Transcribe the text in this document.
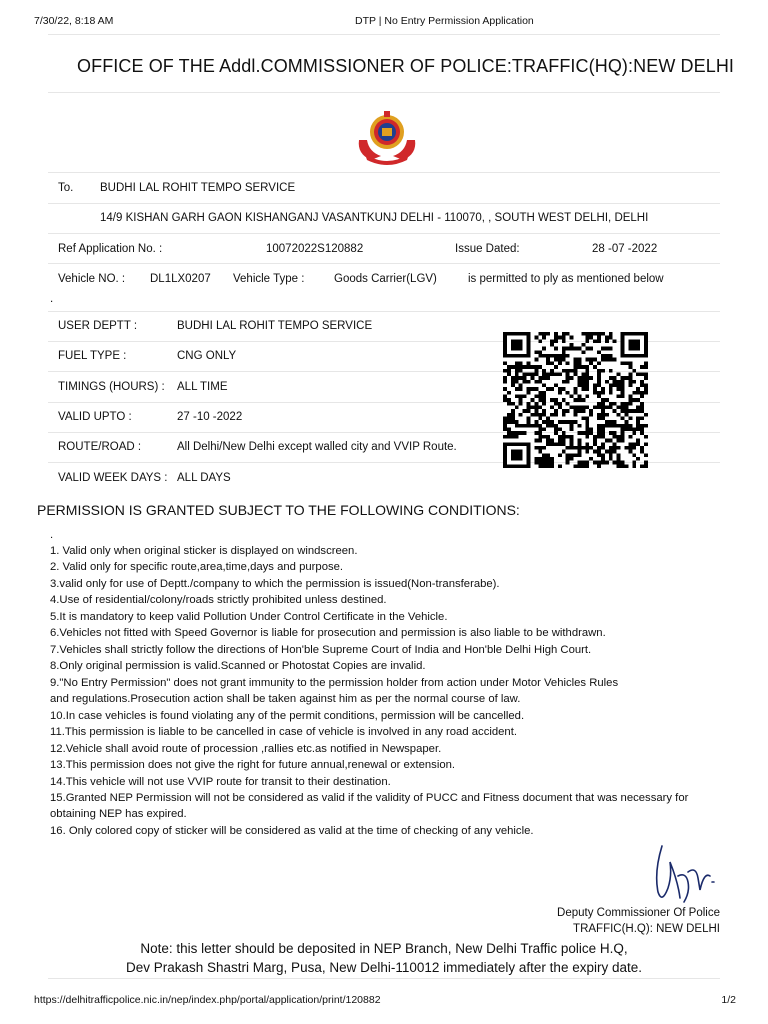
7/30/22, 8:18 AM	DTP | No Entry Permission Application
OFFICE OF THE Addl.COMMISSIONER OF POLICE:TRAFFIC(HQ):NEW DELHI
To. BUDHI LAL ROHIT TEMPO SERVICE
14/9 KISHAN GARH GAON KISHANGANJ VASANTKUNJ DELHI - 110070, , SOUTH WEST DELHI, DELHI
Ref Application No. :	10072022S120882	Issue Dated:	28 -07 -2022
Vehicle NO. : DL1LX0207 Vehicle Type :	Goods Carrier(LGV)	is permitted to ply as mentioned below
.
USER DEPTT :	BUDHI LAL ROHIT TEMPO SERVICE
FUEL TYPE :	CNG ONLY
TIMINGS (HOURS) : ALL TIME
VALID UPTO :	27 -10 -2022
ROUTE/ROAD :	All Delhi/New Delhi except walled city and VVIP Route.
VALID WEEK DAYS : ALL DAYS
PERMISSION IS GRANTED SUBJECT TO THE FOLLOWING CONDITIONS:
.
1. Valid only when original sticker is displayed on windscreen.
2. Valid only for specific route,area,time,days and purpose.
3.valid only for use of Deptt./company to which the permission is issued(Non-transferabe).
4.Use of residential/colony/roads strictly prohibited unless destined.
5.It is mandatory to keep valid Pollution Under Control Certificate in the Vehicle.
6.Vehicles not fitted with Speed Governor is liable for prosecution and permission is also liable to be withdrawn.
7.Vehicles shall strictly follow the directions of Hon'ble Supreme Court of India and Hon'ble Delhi High Court.
8.Only original permission is valid.Scanned or Photostat Copies are invalid.
9."No Entry Permission" does not grant immunity to the permission holder from action under Motor Vehicles Rules
and regulations.Prosecution action shall be taken against him as per the normal course of law.
10.In case vehicles is found violating any of the permit conditions, permission will be cancelled.
11.This permission is liable to be cancelled in case of vehicle is involved in any road accident.
12.Vehicle shall avoid route of procession ,rallies etc.as notified in Newspaper.
13.This permission does not give the right for future annual,renewal or extension.
14.This vehicle will not use VVIP route for transit to their destination.
15.Granted NEP Permission will not be considered as valid if the validity of PUCC and Fitness document that was necessary for
obtaining NEP has expired.
16. Only colored copy of sticker will be considered as valid at the time of checking of any vehicle.
Deputy Commissioner Of Police
TRAFFIC(H.Q): NEW DELHI
Note: this letter should be deposited in NEP Branch, New Delhi Traffic police H.Q,
Dev Prakash Shastri Marg, Pusa, New Delhi-110012 immediately after the expiry date.
https://delhitrafficpolice.nic.in/nep/index.php/portal/application/print/120882	1/2
